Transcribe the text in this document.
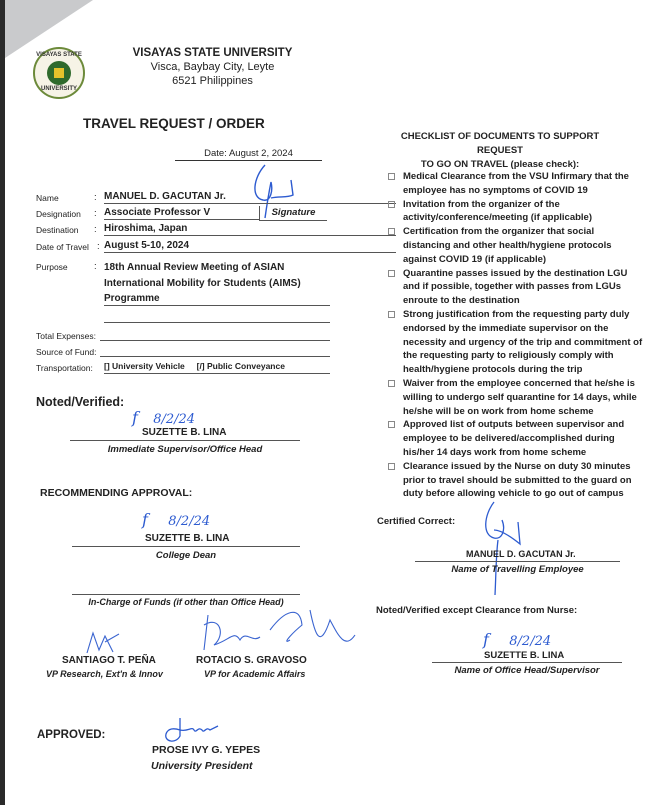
VISAYAS STATE
UNIVERSITY
VISAYAS STATE UNIVERSITY
Visca, Baybay City, Leyte
6521 Philippines
TRAVEL REQUEST / ORDER
Date: August 2, 2024
Name	: MANUEL D. GACUTAN Jr.
Designation	: Associate Professor V	Signature
Destination	: Hiroshima, Japan
Date of Travel : August 5-10, 2024
Purpose	: 18th Annual Review Meeting of ASIAN International Mobility for Students (AIMS) Programme
Total Expenses:
Source of Fund:
Transportation: [] University Vehicle [/] Public Conveyance
Noted/Verified:
f   8/2/24
SUZETTE B. LINA
Immediate Supervisor/Office Head
RECOMMENDING APPROVAL:
f    8/2/24
SUZETTE B. LINA
College Dean
In-Charge of Funds (if other than Office Head)
SANTIAGO T. PEÑA
VP Research, Ext'n & Innov
ROTACIO S. GRAVOSO
VP for Academic Affairs
APPROVED:
PROSE IVY G. YEPES
University President
CHECKLIST OF DOCUMENTS TO SUPPORT REQUEST
TO GO ON TRAVEL (please check):
Medical Clearance from the VSU Infirmary that the employee has no symptoms of COVID 19
Invitation from the organizer of the activity/conference/meeting (if applicable)
Certification from the organizer that social distancing and other health/hygiene protocols against COVID 19 (if applicable)
Quarantine passes issued by the destination LGU and if possible, together with passes from LGUs enroute to the destination
Strong justification from the requesting party duly endorsed by the immediate supervisor on the necessity and urgency of the trip and commitment of the requesting party to religiously comply with health/hygiene protocols during the trip
Waiver from the employee concerned that he/she is willing to undergo self quarantine for 14 days, while he/she will be on work from home scheme
Approved list of outputs between supervisor and employee to be delivered/accomplished during his/her 14 days work from home scheme
Clearance issued by the Nurse on duty 30 minutes prior to travel should be submitted to the guard on duty before allowing vehicle to go out of campus
Certified Correct:
MANUEL D. GACUTAN Jr.
Name of Travelling Employee
Noted/Verified except Clearance from Nurse:
f    8/2/24
SUZETTE B. LINA
Name of Office Head/Supervisor
